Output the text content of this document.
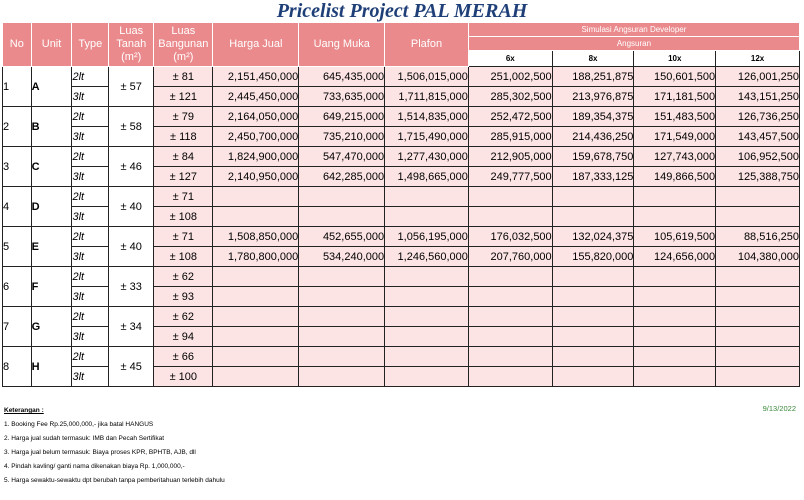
Pricelist Project PAL MERAH
No	Unit	Type	Luas Tanah (m²)	Luas Bangunan (m²)	Harga Jual	Uang Muka	Plafon	Simulasi Angsuran Developer			
								Angsuran			
								6x	8x	10x	12x
1	A	2lt	± 57	± 81	2,151,450,000	645,435,000	1,506,015,000	251,002,500	188,251,875	150,601,500	126,001,250
		3lt		± 121	2,445,450,000	733,635,000	1,711,815,000	285,302,500	213,976,875	171,181,500	143,151,250
2	B	2lt	± 58	± 79	2,164,050,000	649,215,000	1,514,835,000	252,472,500	189,354,375	151,483,500	126,736,250
		3lt		± 118	2,450,700,000	735,210,000	1,715,490,000	285,915,000	214,436,250	171,549,000	143,457,500
3	C	2lt	± 46	± 84	1,824,900,000	547,470,000	1,277,430,000	212,905,000	159,678,750	127,743,000	106,952,500
		3lt		± 127	2,140,950,000	642,285,000	1,498,665,000	249,777,500	187,333,125	149,866,500	125,388,750
4	D	2lt	± 40	± 71							
		3lt		± 108							
5	E	2lt	± 40	± 71	1,508,850,000	452,655,000	1,056,195,000	176,032,500	132,024,375	105,619,500	88,516,250
		3lt		± 108	1,780,800,000	534,240,000	1,246,560,000	207,760,000	155,820,000	124,656,000	104,380,000
6	F	2lt	± 33	± 62							
		3lt		± 93							
7	G	2lt	± 34	± 62							
		3lt		± 94							
8	H	2lt	± 45	± 66							
		3lt		± 100							
Keterangan :
1. Booking Fee Rp.25,000,000,- jika batal HANGUS
2. Harga jual sudah termasuk: IMB dan Pecah Sertifikat
3. Harga jual belum termasuk: Biaya proses KPR, BPHTB, AJB, dll
4. Pindah kavling/ ganti nama dikenakan biaya Rp. 1,000,000,-
5. Harga sewaktu-sewaktu dpt berubah tanpa pemberitahuan terlebih dahulu
9/13/2022
